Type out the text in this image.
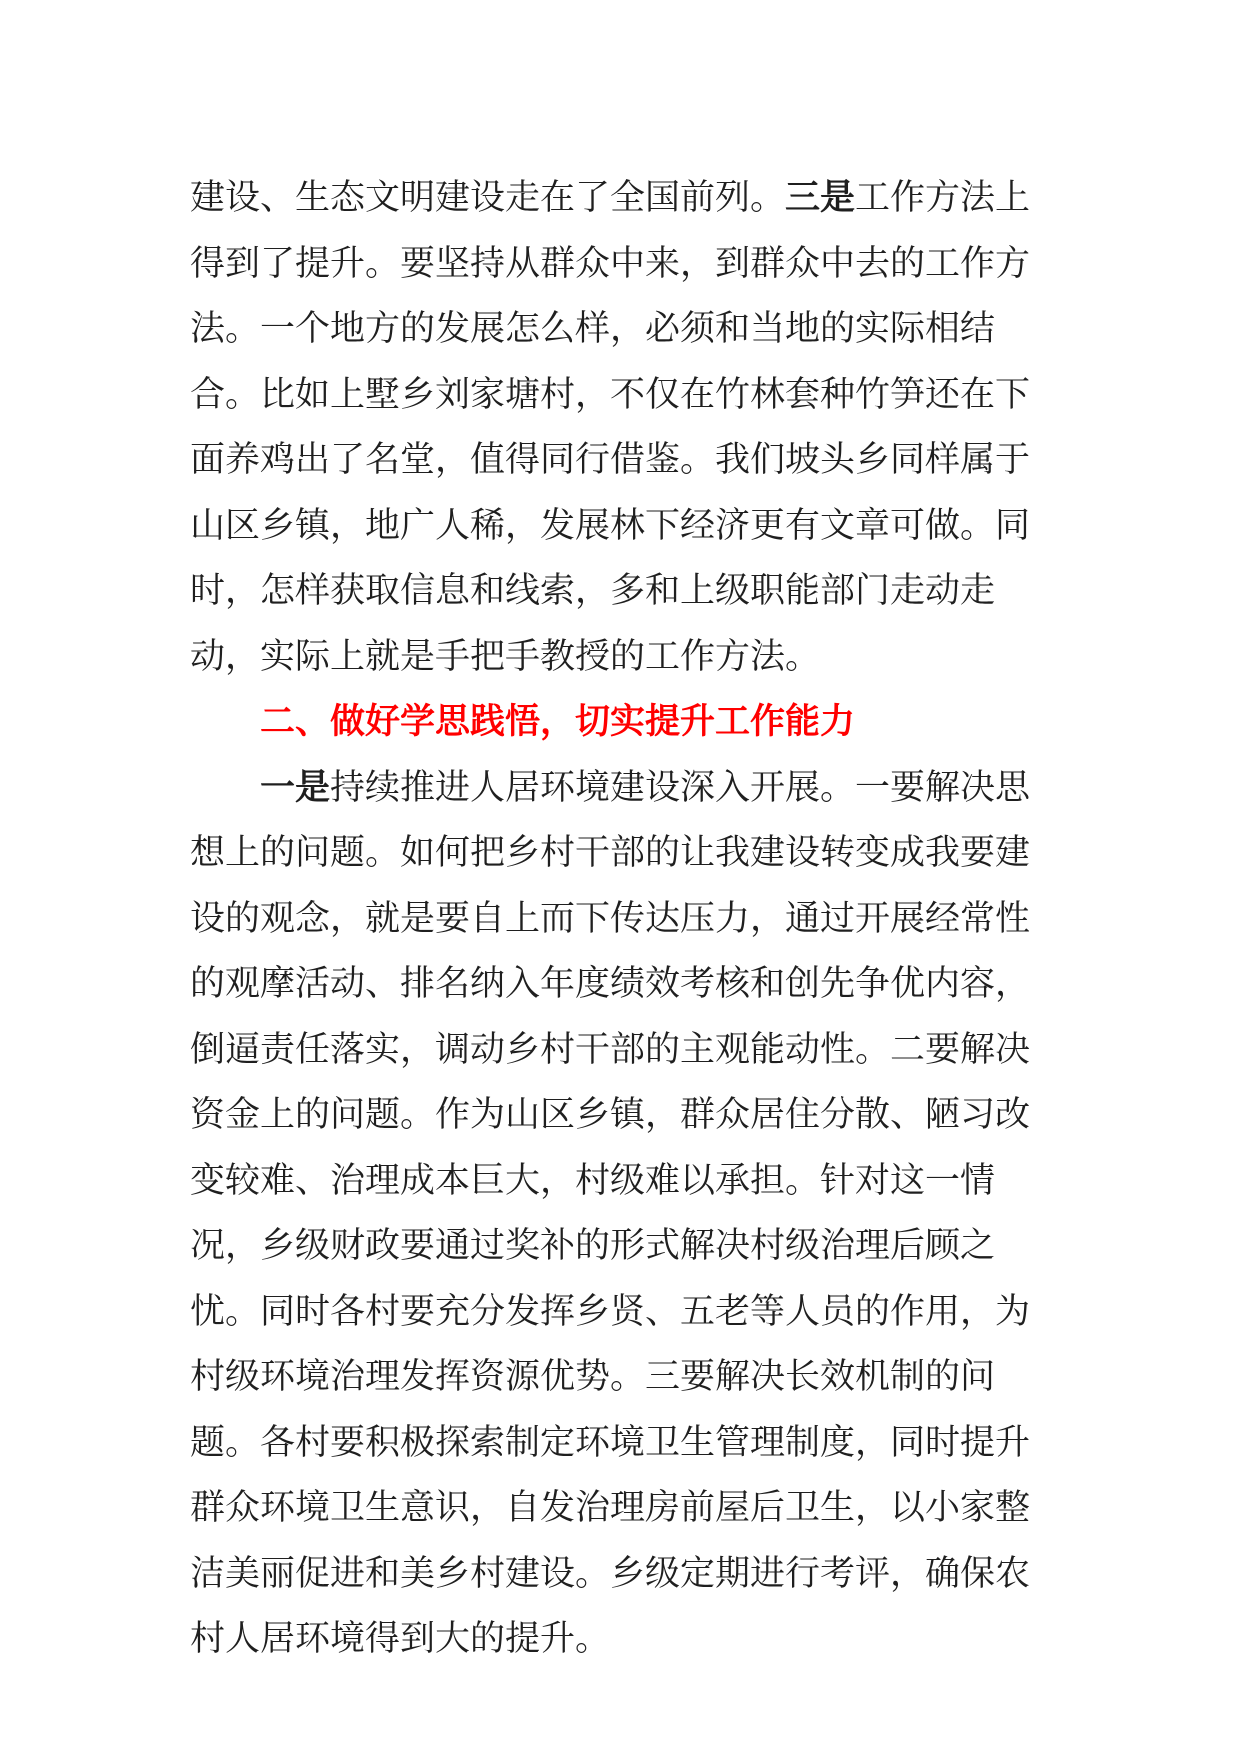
建设、生态文明建设走在了全国前列。三是工作方法上得到了提升。要坚持从群众中来，到群众中去的工作方法。一个地方的发展怎么样，必须和当地的实际相结合。比如上墅乡刘家塘村，不仅在竹林套种竹笋还在下面养鸡出了名堂，值得同行借鉴。我们坡头乡同样属于山区乡镇，地广人稀，发展林下经济更有文章可做。同时，怎样获取信息和线索，多和上级职能部门走动走动，实际上就是手把手教授的工作方法。

二、做好学思践悟，切实提升工作能力

一是持续推进人居环境建设深入开展。一要解决思想上的问题。如何把乡村干部的让我建设转变成我要建设的观念，就是要自上而下传达压力，通过开展经常性的观摩活动、排名纳入年度绩效考核和创先争优内容，倒逼责任落实，调动乡村干部的主观能动性。二要解决资金上的问题。作为山区乡镇，群众居住分散、陋习改变较难、治理成本巨大，村级难以承担。针对这一情况，乡级财政要通过奖补的形式解决村级治理后顾之忧。同时各村要充分发挥乡贤、五老等人员的作用，为村级环境治理发挥资源优势。三要解决长效机制的问题。各村要积极探索制定环境卫生管理制度，同时提升群众环境卫生意识，自发治理房前屋后卫生，以小家整洁美丽促进和美乡村建设。乡级定期进行考评，确保农村人居环境得到大的提升。
